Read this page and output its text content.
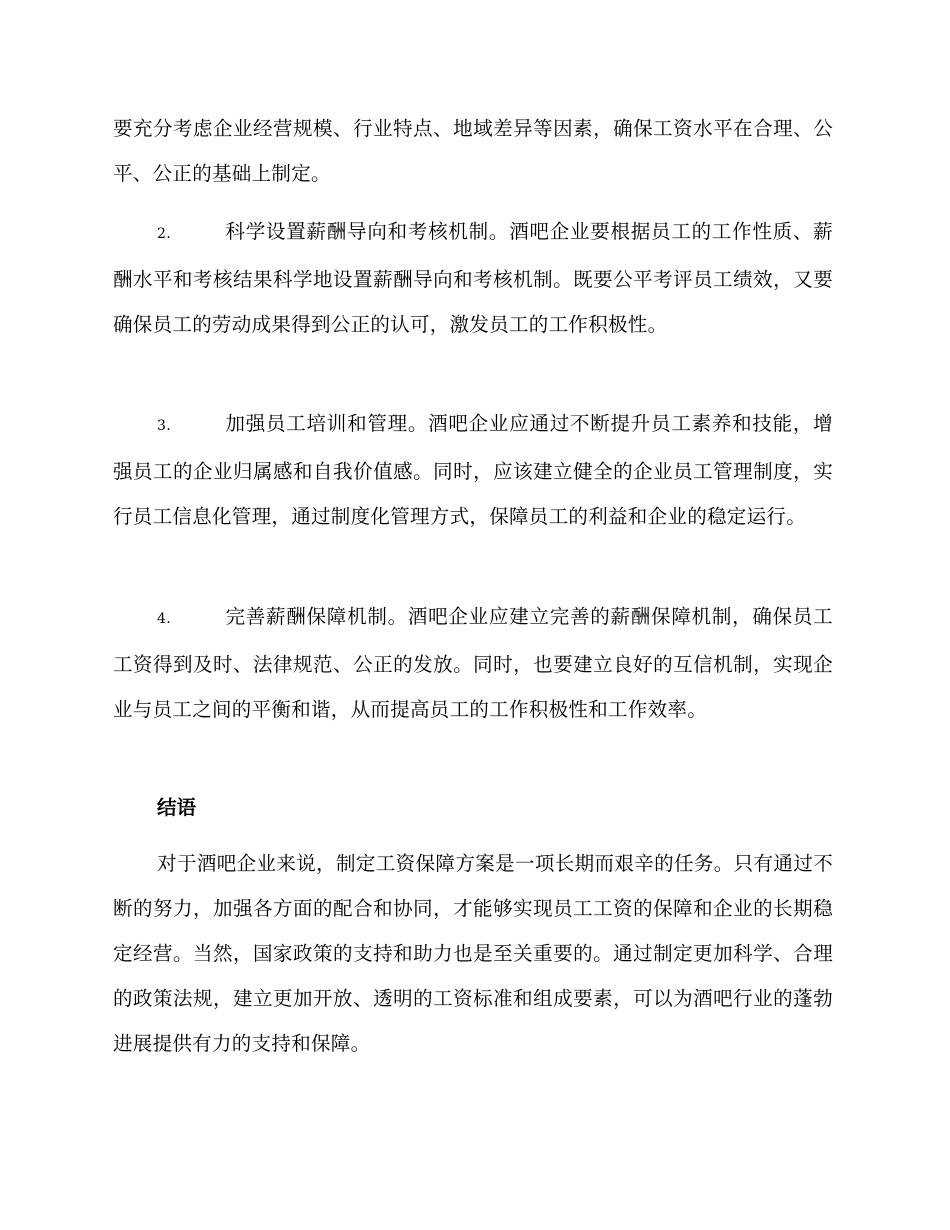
要充分考虑企业经营规模、行业特点、地域差异等因素，确保工资水平在合理、公平、公正的基础上制定。

2.	科学设置薪酬导向和考核机制。酒吧企业要根据员工的工作性质、薪酬水平和考核结果科学地设置薪酬导向和考核机制。既要公平考评员工绩效，又要确保员工的劳动成果得到公正的认可，激发员工的工作积极性。

3.	加强员工培训和管理。酒吧企业应通过不断提升员工素养和技能，增强员工的企业归属感和自我价值感。同时，应该建立健全的企业员工管理制度，实行员工信息化管理，通过制度化管理方式，保障员工的利益和企业的稳定运行。

4.	完善薪酬保障机制。酒吧企业应建立完善的薪酬保障机制，确保员工工资得到及时、法律规范、公正的发放。同时，也要建立良好的互信机制，实现企业与员工之间的平衡和谐，从而提高员工的工作积极性和工作效率。

结语

对于酒吧企业来说，制定工资保障方案是一项长期而艰辛的任务。只有通过不断的努力，加强各方面的配合和协同，才能够实现员工工资的保障和企业的长期稳定经营。当然，国家政策的支持和助力也是至关重要的。通过制定更加科学、合理的政策法规，建立更加开放、透明的工资标准和组成要素，可以为酒吧行业的蓬勃进展提供有力的支持和保障。
